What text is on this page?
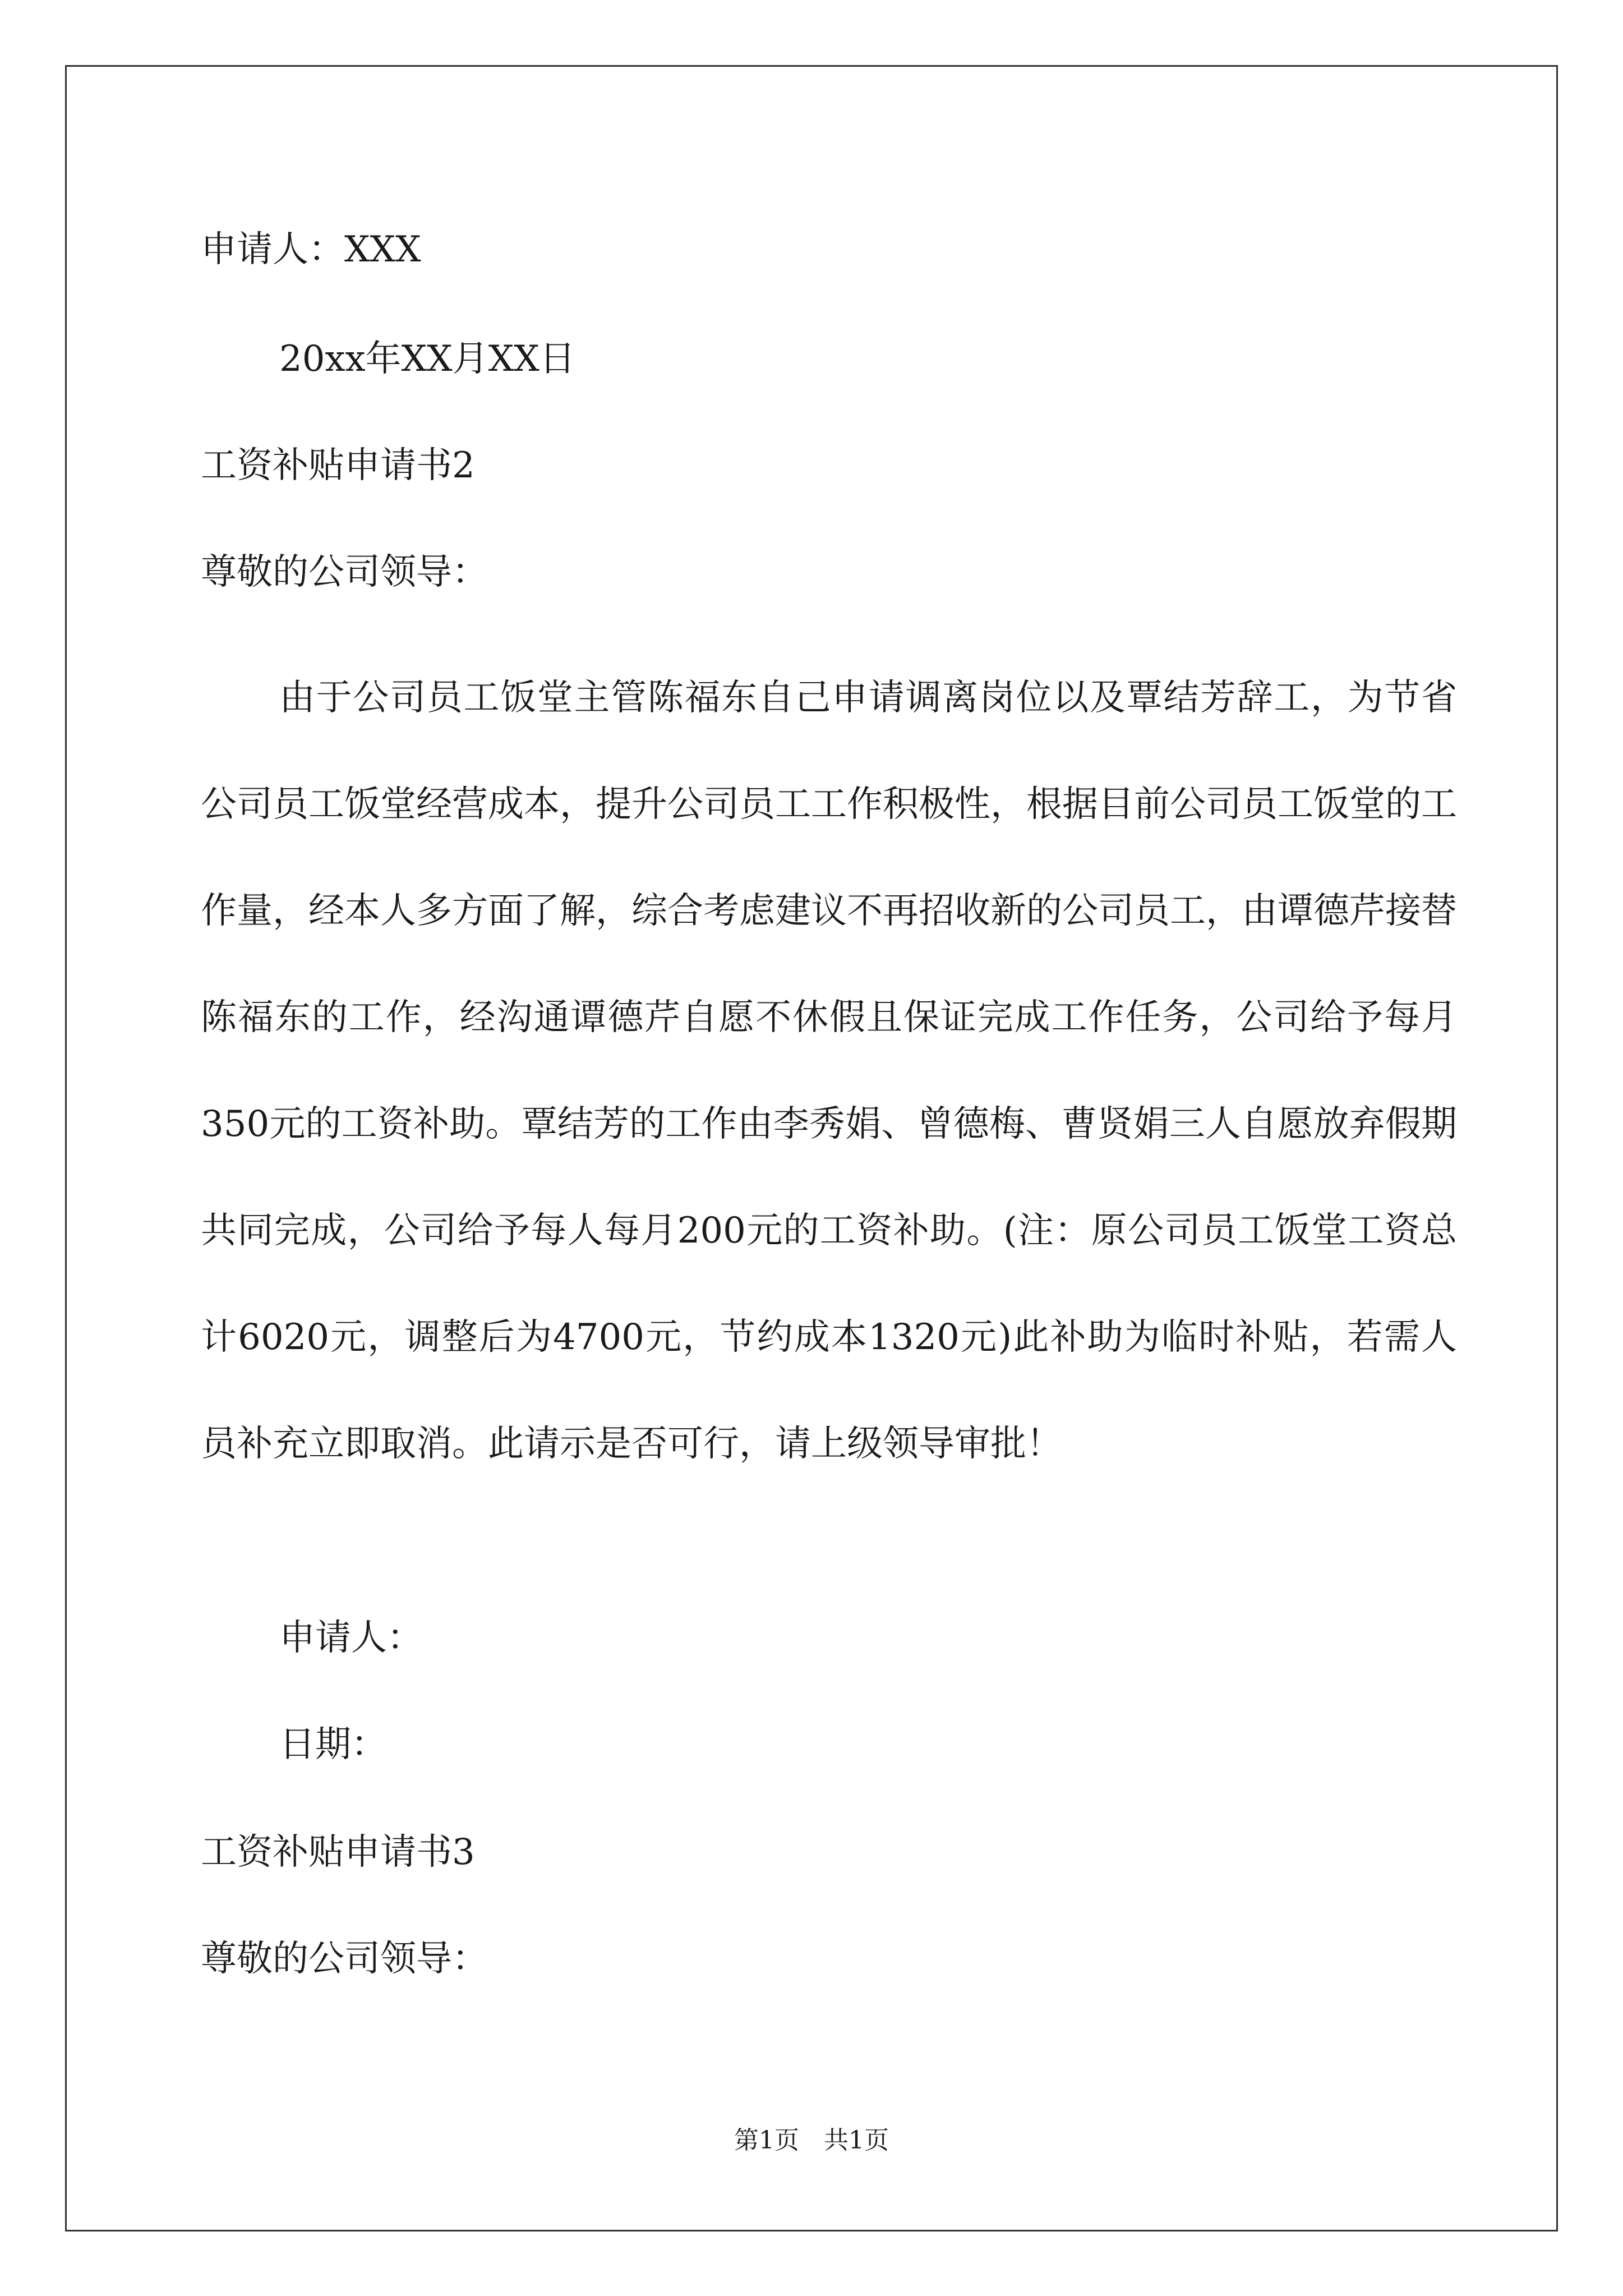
申请人：XXX

20xx年XX月XX日

工资补贴申请书2

尊敬的公司领导：

由于公司员工饭堂主管陈福东自己申请调离岗位以及覃结芳辞工，为节省公司员工饭堂经营成本，提升公司员工工作积极性，根据目前公司员工饭堂的工作量，经本人多方面了解，综合考虑建议不再招收新的公司员工，由谭德芹接替陈福东的工作，经沟通谭德芹自愿不休假且保证完成工作任务，公司给予每月350元的工资补助。覃结芳的工作由李秀娟、曾德梅、曹贤娟三人自愿放弃假期共同完成，公司给予每人每月200元的工资补助。(注：原公司员工饭堂工资总计6020元，调整后为4700元，节约成本1320元)此补助为临时补贴，若需人员补充立即取消。此请示是否可行，请上级领导审批！

申请人：

日期：

工资补贴申请书3

尊敬的公司领导：

第1页　共1页
